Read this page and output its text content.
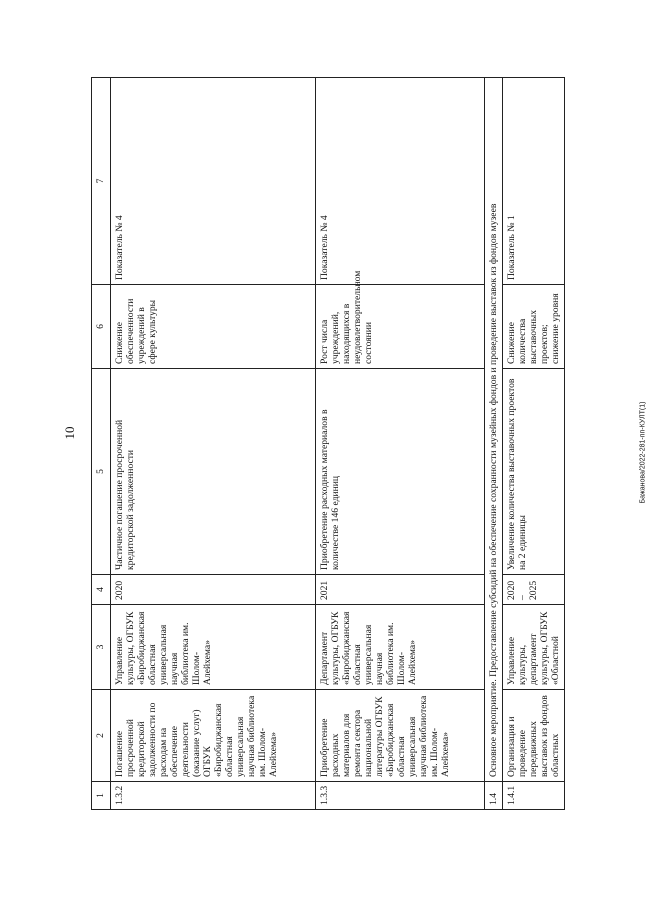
10
1	2	3	4	5	6	7
1.3.2	Погашение просроченной кредиторской задолженности по расходам на обеспечение деятельности (оказание услуг) ОГБУК «Биробиджанская областная универсальная научная библиотека им. Шолом-Алейхема»	Управление культуры, ОГБУК «Биробиджанская областная универсальная научная библиотека им. Шолом-Алейхема»	2020	Частичное погашение просроченной кредиторской задолженности	Снижение обеспеченности учреждений в сфере культуры	Показатель № 4
1.3.3	Приобретение расходных материалов для ремонта сектора национальной литературы ОГБУК «Биробиджанская областная универсальная научная библиотека им. Шолом-Алейхема»	Департамент культуры, ОГБУК «Биробиджанская областная универсальная научная библиотека им. Шолом-Алейхема»	2021	Приобретение расходных материалов в количестве 146 единиц	Рост числа учреждений, находящихся в неудовлетворительном состоянии	Показатель № 4
1.4	Основное мероприятие. Предоставление субсидий на обеспечение сохранности музейных фондов и проведение выставок из фондов музеев					
1.4.1	Организация и проведение передвижных выставок из фондов областных	Управление культуры, департамент культуры, ОГБУК «Областной	2020 – 2025	Увеличение количества выставочных проектов на 2 единицы	Снижение количества выставочных проектов; снижение уровня	Показатель № 1
Бажанова/2022-281-пп-КУЛТ(1)
